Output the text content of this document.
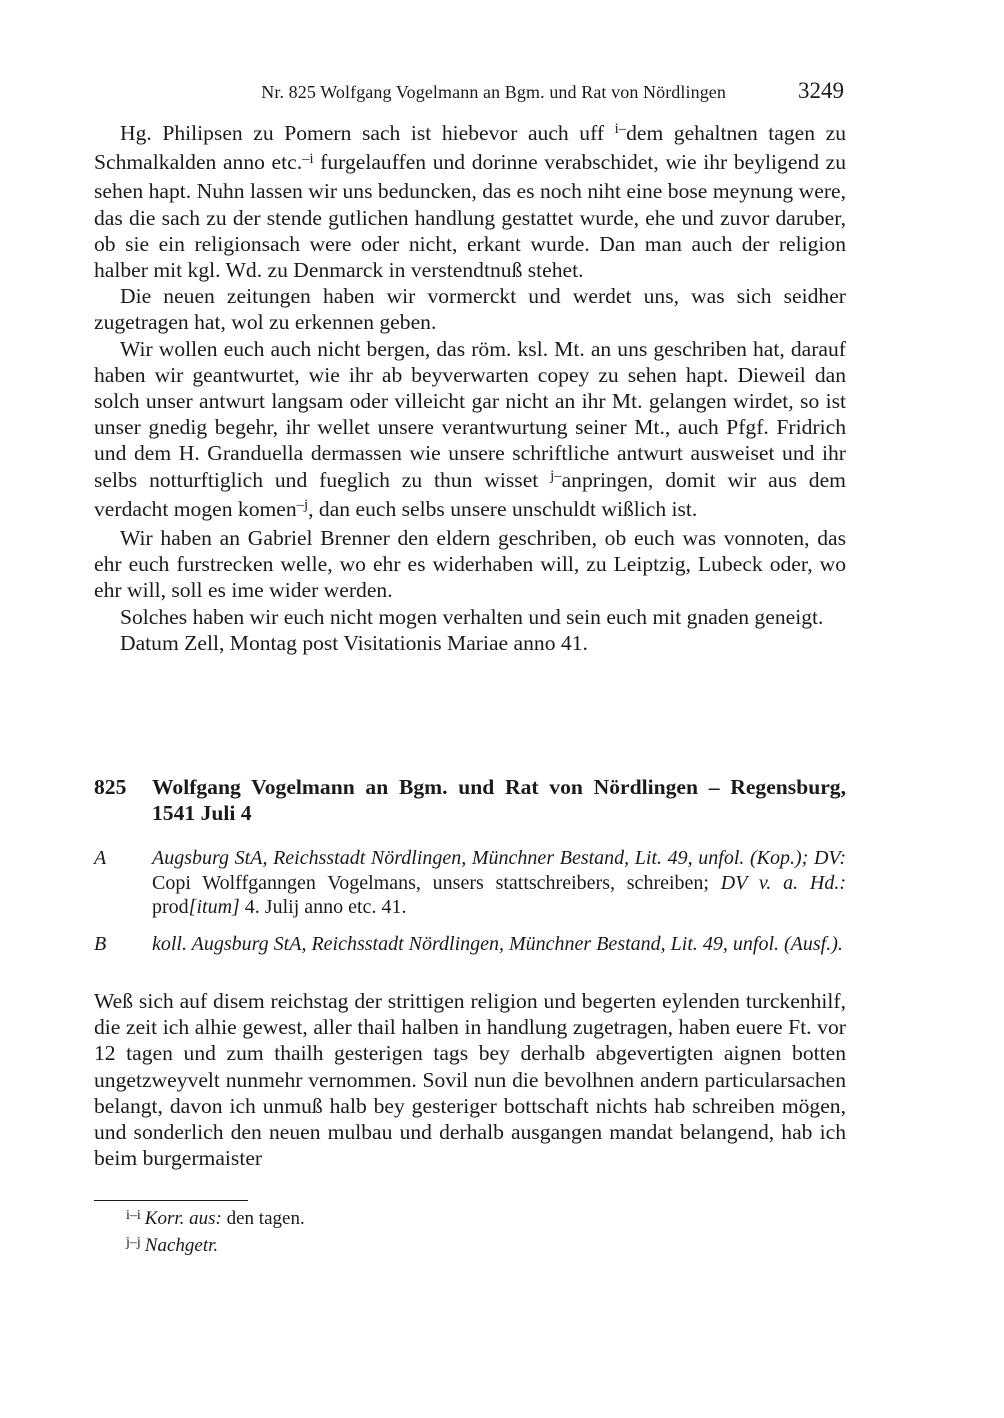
Nr. 825 Wolfgang Vogelmann an Bgm. und Rat von Nördlingen	3249

Hg. Philipsen zu Pomern sach ist hiebevor auch uff $^{i-}$dem gehaltnen tagen zu Schmalkalden anno etc.$^{-i}$ furgelauffen und dorinne verabschidet, wie ihr beyligend zu sehen hapt. Nuhn lassen wir uns beduncken, das es noch niht eine bose meynung were, das die sach zu der stende gutlichen handlung gestattet wurde, ehe und zuvor daruber, ob sie ein religionsach were oder nicht, erkant wurde. Dan man auch der religion halber mit kgl. Wd. zu Denmarck in verstendtnuß stehet.

Die neuen zeitungen haben wir vormerckt und werdet uns, was sich seidher zugetragen hat, wol zu erkennen geben.

Wir wollen euch auch nicht bergen, das röm. ksl. Mt. an uns geschriben hat, darauf haben wir geantwurtet, wie ihr ab beyverwarten copey zu sehen hapt. Dieweil dan solch unser antwurt langsam oder villeicht gar nicht an ihr Mt. gelangen wirdet, so ist unser gnedig begehr, ihr wellet unsere verantwurtung seiner Mt., auch Pfgf. Fridrich und dem H. Granduella dermassen wie unsere schriftliche antwurt ausweiset und ihr selbs notturftiglich und fueglich zu thun wisset $^{j-}$anpringen, domit wir aus dem verdacht mogen komen$^{-j}$, dan euch selbs unsere unschuldt wißlich ist.

Wir haben an Gabriel Brenner den eldern geschriben, ob euch was vonnoten, das ehr euch furstrecken welle, wo ehr es widerhaben will, zu Leiptzig, Lubeck oder, wo ehr will, soll es ime wider werden.

Solches haben wir euch nicht mogen verhalten und sein euch mit gnaden geneigt.

Datum Zell, Montag post Visitationis Mariae anno 41.

825 Wolfgang Vogelmann an Bgm. und Rat von Nördlingen – Regensburg, 1541 Juli 4
A Augsburg StA, Reichsstadt Nördlingen, Münchner Bestand, Lit. 49, unfol. (Kop.); DV: Copi Wolffganngen Vogelmans, unsers stattschreibers, schreiben; DV v. a. Hd.: prod[itum] 4. Julij anno etc. 41.
B koll. Augsburg StA, Reichsstadt Nördlingen, Münchner Bestand, Lit. 49, unfol. (Ausf.).

Weß sich auf disem reichstag der strittigen religion und begerten eylenden turckenhilf, die zeit ich alhie gewest, aller thail halben in handlung zugetragen, haben euere Ft. vor 12 tagen und zum thailh gesterigen tags bey derhalb abgevertigten aignen botten ungetzweyvelt nunmehr vernommen. Sovil nun die bevolhnen andern particularsachen belangt, davon ich unmuß halb bey gesteriger bottschaft nichts hab schreiben mögen, und sonderlich den neuen mulbau und derhalb ausgangen mandat belangend, hab ich beim burgermaister

$^{i-i}$ Korr. aus: den tagen.
$^{j-j}$ Nachgetr.
